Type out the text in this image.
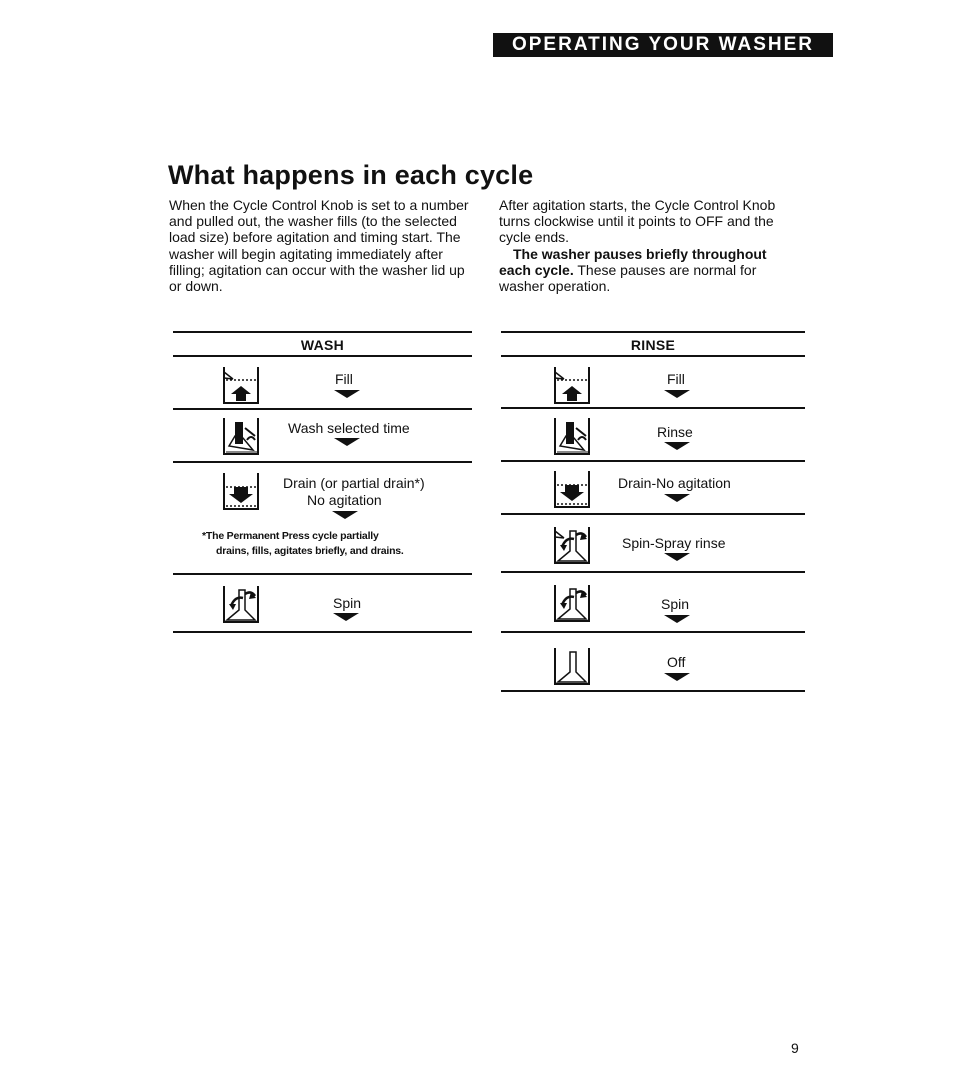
OPERATING YOUR WASHER
What happens in each cycle

When the Cycle Control Knob is set to a number and pulled out, the washer fills (to the selected load size) before agitation and timing start. The washer will begin agitating immediately after filling; agitation can occur with the washer lid up or down.

After agitation starts, the Cycle Control Knob turns clockwise until it points to OFF and the cycle ends.

The washer pauses briefly throughout each cycle. These pauses are normal for washer operation.

WASH
Fill
Wash selected time
Drain (or partial drain*)
No agitation
*The Permanent Press cycle partially
drains, fills, agitates briefly, and drains.
Spin
RINSE
Fill
Rinse
Drain-No agitation
Spin-Spray rinse
Spin
Off
9
